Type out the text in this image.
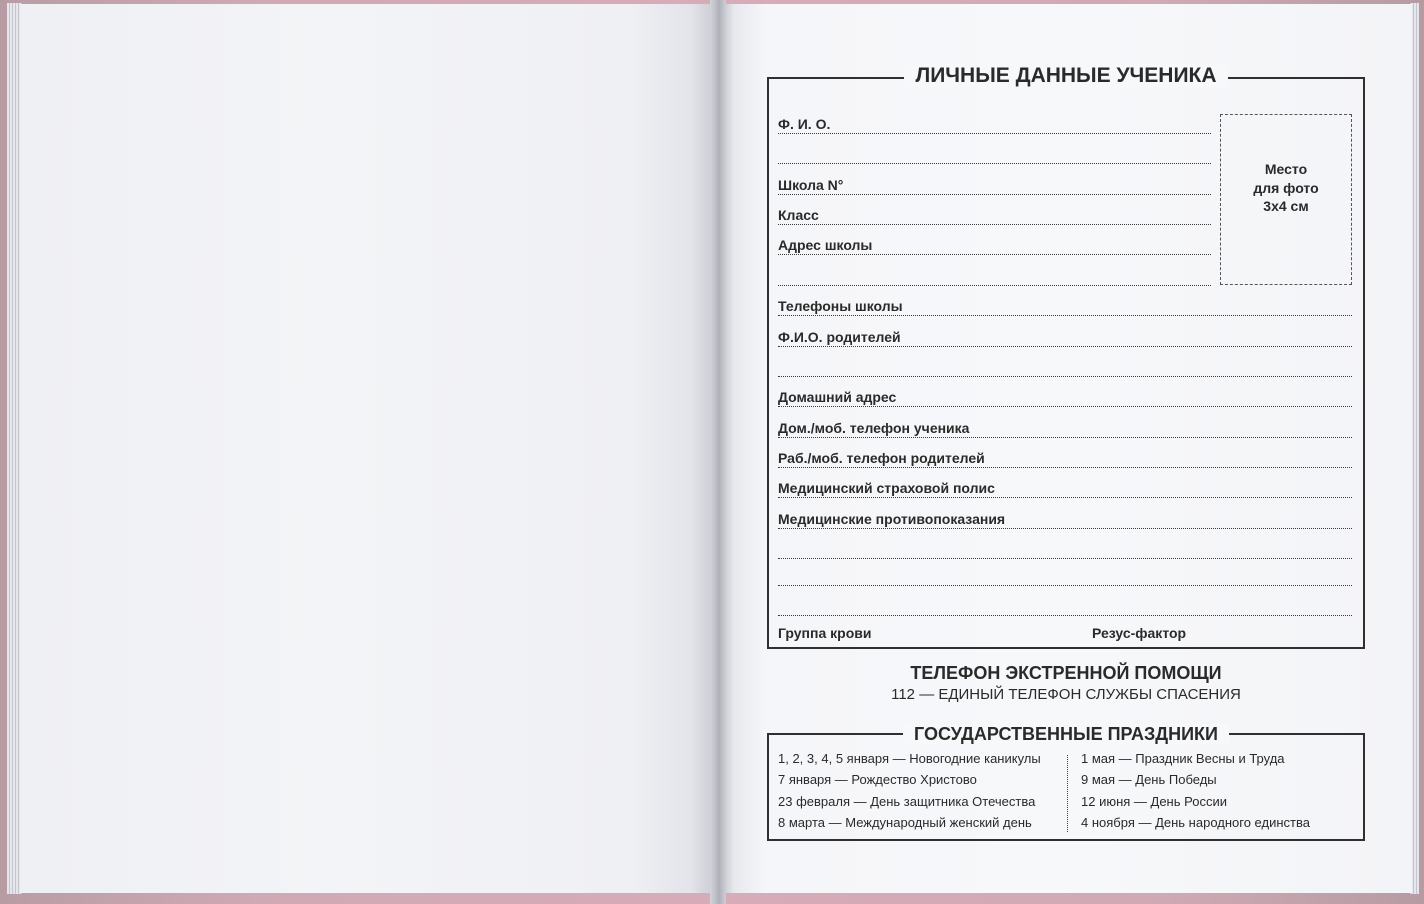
ЛИЧНЫЕ ДАННЫЕ УЧЕНИКА
Место
для фото
3х4 см
Ф. И. О.
Школа N°
Класс
Адрес школы
Телефоны школы
Ф.И.О. родителей
Домашний адрес
Дом./моб. телефон ученика
Раб./моб. телефон родителей
Медицинский страховой полис
Медицинские противопоказания
Группа крови	Резус-фактор
ТЕЛЕФОН ЭКСТРЕННОЙ ПОМОЩИ
112 — ЕДИНЫЙ ТЕЛЕФОН СЛУЖБЫ СПАСЕНИЯ
ГОСУДАРСТВЕННЫЕ ПРАЗДНИКИ
1, 2, 3, 4, 5 января — Новогодние каникулы
7 января — Рождество Христово
23 февраля — День защитника Отечества
8 марта — Международный женский день
1 мая — Праздник Весны и Труда
9 мая — День Победы
12 июня — День России
4 ноября — День народного единства
